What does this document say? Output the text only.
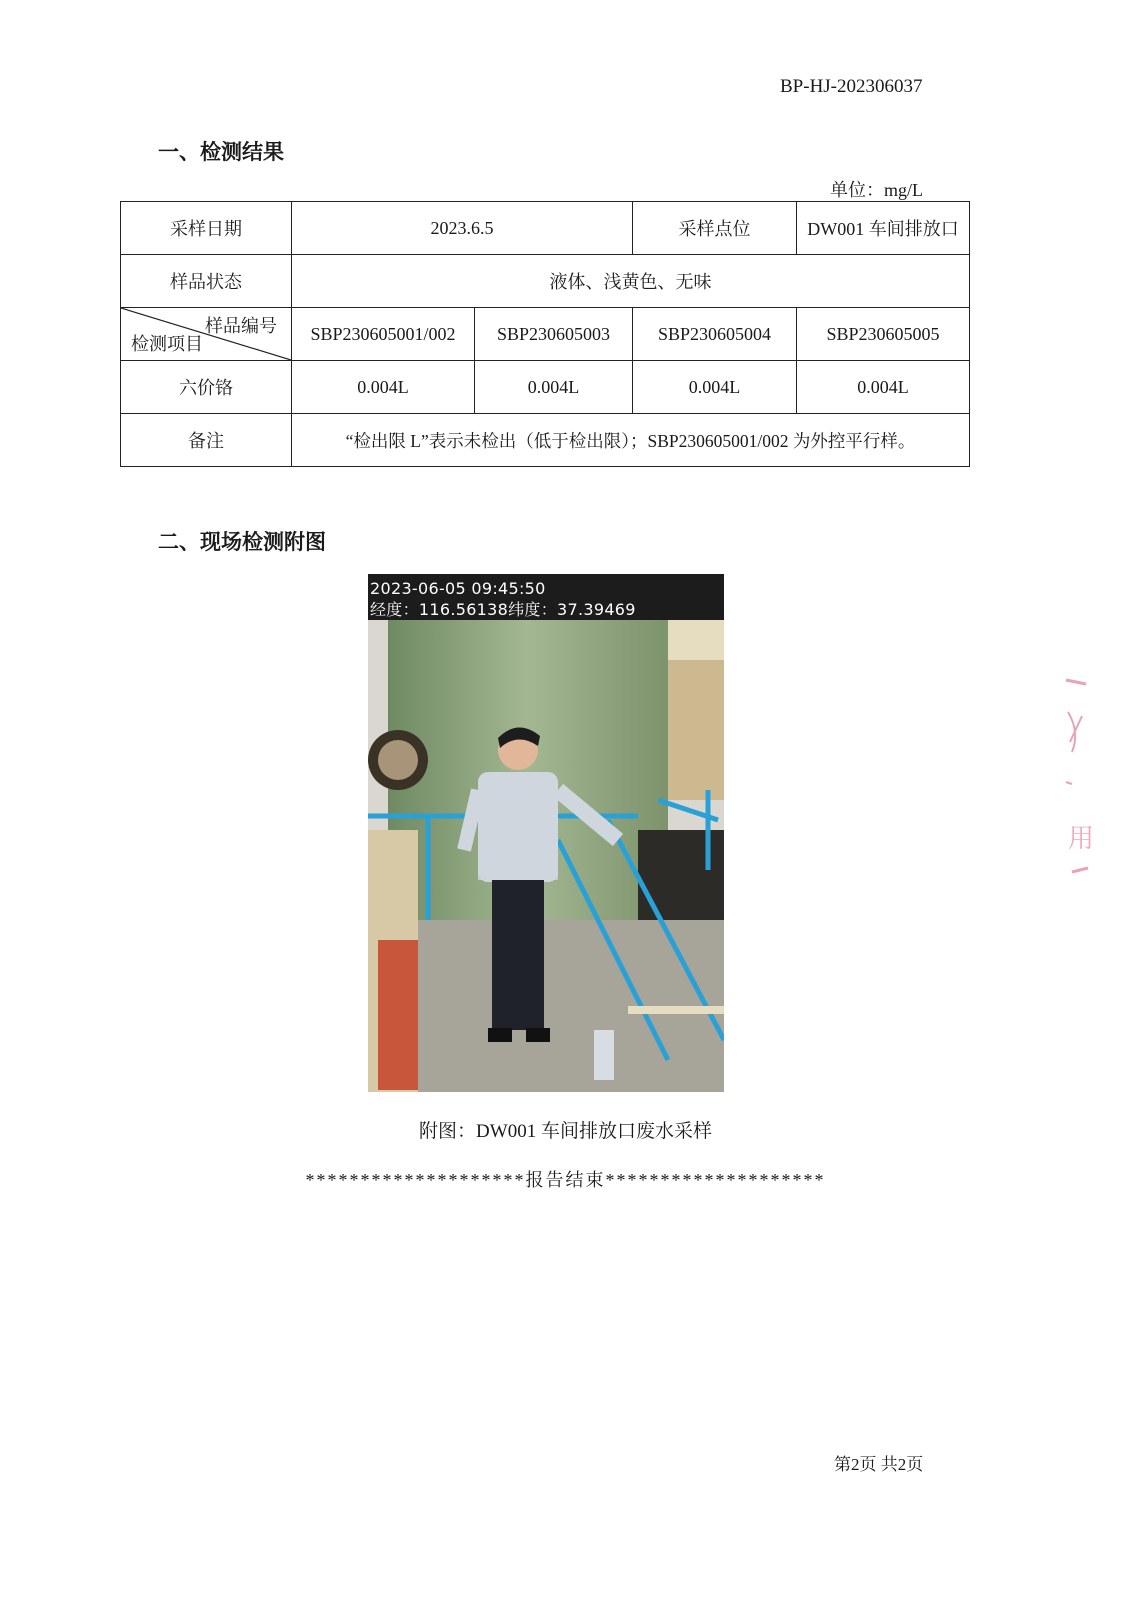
BP-HJ-202306037
一、检测结果
单位：mg/L
采样日期	2023.6.5		采样点位	DW001 车间排放口
样品状态	液体、浅黄色、无味			

样品编号
检测项目	SBP230605001/002	SBP230605003	SBP230605004	SBP230605005
六价铬	0.004L	0.004L	0.004L	0.004L
备注	“检出限 L”表示未检出（低于检出限）；SBP230605001/002 为外控平行样。			
二、现场检测附图
2023-06-05 09:45:50
经度：116.56138纬度：37.39469
附图：DW001 车间排放口废水采样
********************报告结束********************
第2页 共2页
用
